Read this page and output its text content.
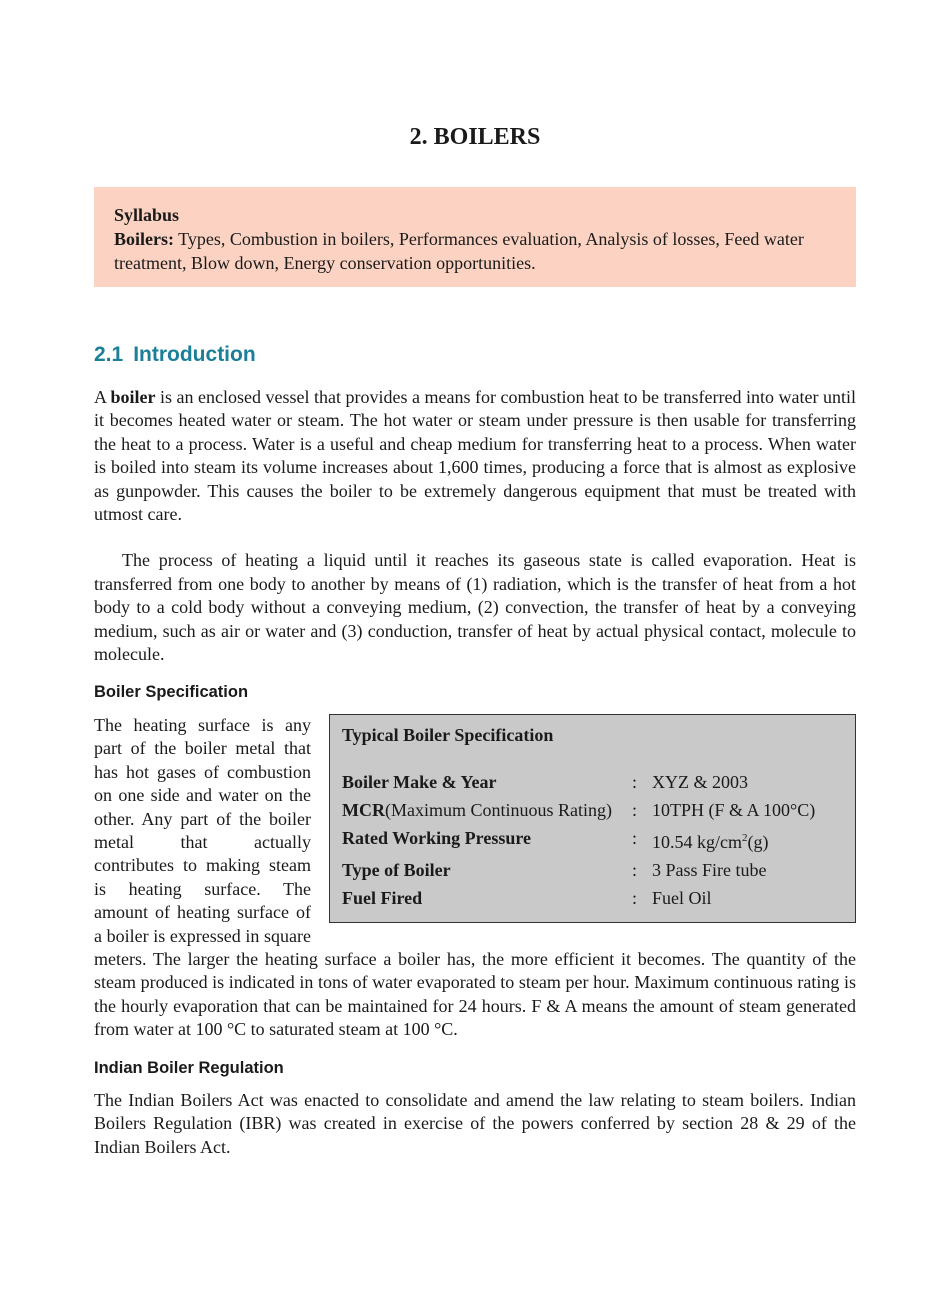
2. BOILERS
Syllabus
Boilers: Types, Combustion in boilers, Performances evaluation, Analysis of losses, Feed water treatment, Blow down, Energy conservation opportunities.
2.1 Introduction

A boiler is an enclosed vessel that provides a means for combustion heat to be transferred into water until it becomes heated water or steam. The hot water or steam under pressure is then usable for transferring the heat to a process. Water is a useful and cheap medium for transferring heat to a process. When water is boiled into steam its volume increases about 1,600 times, producing a force that is almost as explosive as gunpowder. This causes the boiler to be extremely dangerous equipment that must be treated with utmost care.

The process of heating a liquid until it reaches its gaseous state is called evaporation. Heat is transferred from one body to another by means of (1) radiation, which is the transfer of heat from a hot body to a cold body without a conveying medium, (2) convection, the transfer of heat by a conveying medium, such as air or water and (3) conduction, transfer of heat by actual physical contact, molecule to molecule.

Boiler Specification

Typical Boiler Specification
Boiler Make & Year	: XYZ & 2003
MCR(Maximum Continuous Rating)	: 10TPH (F & A 100°C)
Rated Working Pressure	: 10.54 $kg/cm^2(g)$
Type of Boiler	: 3 Pass Fire tube
Fuel Fired	: Fuel Oil

The heating surface is any part of the boiler metal that has hot gases of combustion on one side and water on the other. Any part of the boiler metal that actually contributes to making steam is heating surface. The amount of heating surface of a boiler is expressed in square meters. The larger the heating surface a boiler has, the more efficient it becomes. The quantity of the steam produced is indicated in tons of water evaporated to steam per hour. Maximum continuous rating is the hourly evaporation that can be maintained for 24 hours. F & A means the amount of steam generated from water at 100 °C to saturated steam at 100 °C.

Indian Boiler Regulation

The Indian Boilers Act was enacted to consolidate and amend the law relating to steam boilers. Indian Boilers Regulation (IBR) was created in exercise of the powers conferred by section 28 & 29 of the Indian Boilers Act.
